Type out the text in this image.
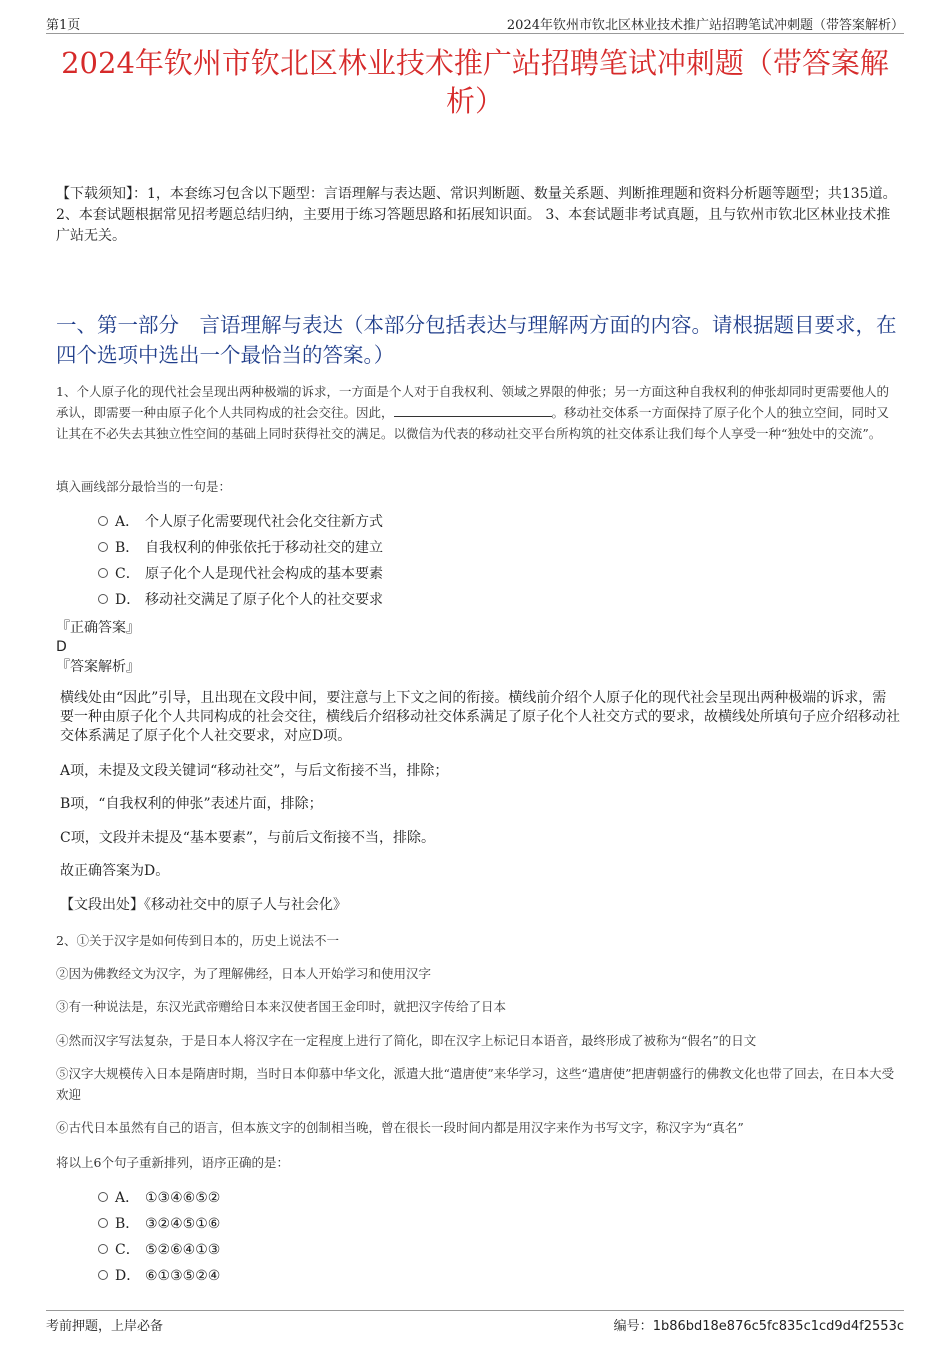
第1页	2024年钦州市钦北区林业技术推广站招聘笔试冲刺题（带答案解析）
2024年钦州市钦北区林业技术推广站招聘笔试冲刺题（带答案解析）
【下载须知】：1，本套练习包含以下题型：言语理解与表达题、常识判断题、数量关系题、判断推理题和资料分析题等题型；共135道。 2、本套试题根据常见招考题总结归纳，主要用于练习答题思路和拓展知识面。 3、本套试题非考试真题，且与钦州市钦北区林业技术推广站无关。
一、第一部分　言语理解与表达（本部分包括表达与理解两方面的内容。请根据题目要求，在四个选项中选出一个最恰当的答案。）
1、个人原子化的现代社会呈现出两种极端的诉求，一方面是个人对于自我权利、领域之界限的伸张；另一方面这种自我权利的伸张却同时更需要他人的承认，即需要一种由原子化个人共同构成的社会交往。因此，	。移动社交体系一方面保持了原子化个人的独立空间，同时又让其在不必失去其独立性空间的基础上同时获得社交的满足。以微信为代表的移动社交平台所构筑的社交体系让我们每个人享受一种“独处中的交流”。
填入画线部分最恰当的一句是：
A． 个人原子化需要现代社会化交往新方式
B． 自我权利的伸张依托于移动社交的建立
C． 原子化个人是现代社会构成的基本要素
D． 移动社交满足了原子化个人的社交要求
『正确答案』
D
『答案解析』
横线处由“因此”引导，且出现在文段中间，要注意与上下文之间的衔接。横线前介绍个人原子化的现代社会呈现出两种极端的诉求，需要一种由原子化个人共同构成的社会交往，横线后介绍移动社交体系满足了原子化个人社交方式的要求，故横线处所填句子应介绍移动社交体系满足了原子化个人社交要求，对应D项。
A项，未提及文段关键词“移动社交”，与后文衔接不当，排除；
B项，“自我权利的伸张”表述片面，排除；
C项，文段并未提及“基本要素”，与前后文衔接不当，排除。
故正确答案为D。
【文段出处】《移动社交中的原子人与社会化》
2、①关于汉字是如何传到日本的，历史上说法不一
②因为佛教经文为汉字，为了理解佛经，日本人开始学习和使用汉字
③有一种说法是，东汉光武帝赠给日本来汉使者国王金印时，就把汉字传给了日本
④然而汉字写法复杂，于是日本人将汉字在一定程度上进行了简化，即在汉字上标记日本语音，最终形成了被称为“假名”的日文
⑤汉字大规模传入日本是隋唐时期，当时日本仰慕中华文化，派遣大批“遣唐使”来华学习，这些“遣唐使”把唐朝盛行的佛教文化也带了回去，在日本大受欢迎
⑥古代日本虽然有自己的语言，但本族文字的创制相当晚，曾在很长一段时间内都是用汉字来作为书写文字，称汉字为“真名”
将以上6个句子重新排列，语序正确的是：
A． ①③④⑥⑤②
B． ③②④⑤①⑥
C． ⑤②⑥④①③
D． ⑥①③⑤②④
考前押题，上岸必备	编号：1b86bd18e876c5fc835c1cd9d4f2553c
